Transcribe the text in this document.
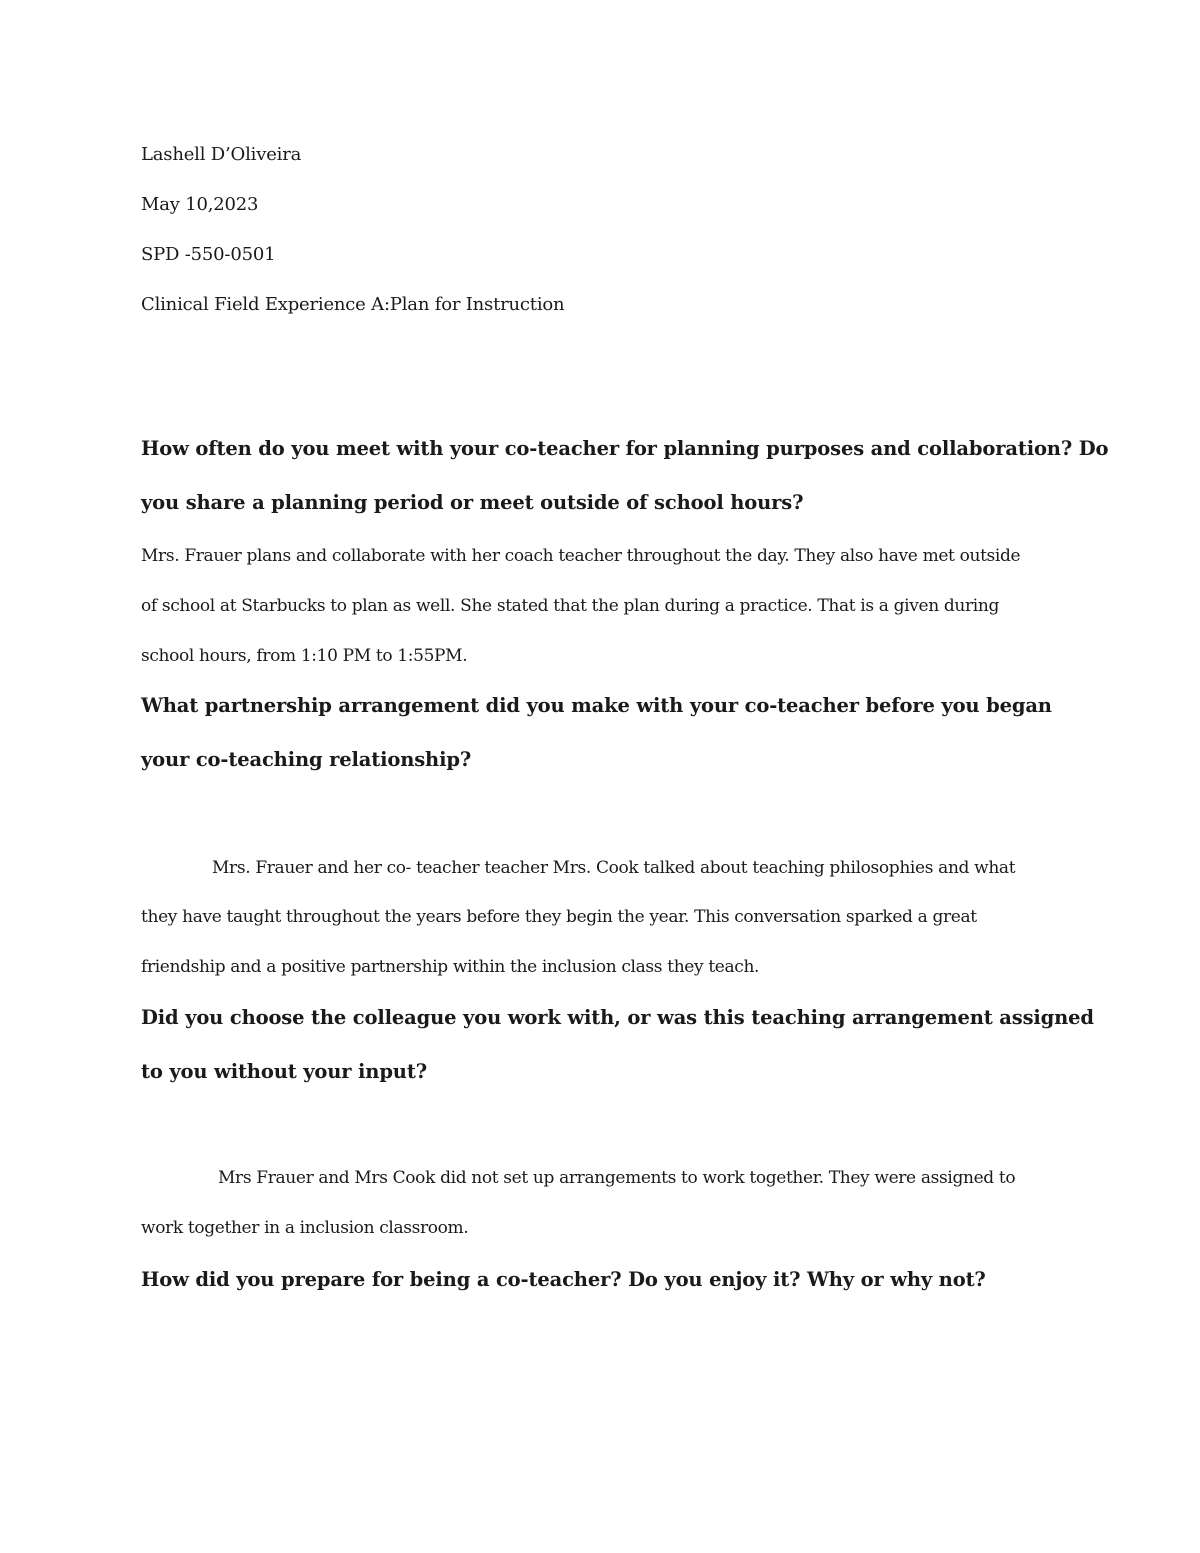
Lashell D’Oliveira
May 10,2023
SPD -550-0501
Clinical Field Experience A:Plan for Instruction
How often do you meet with your co-teacher for planning purposes and collaboration? Do
you share a planning period or meet outside of school hours?
Mrs. Frauer plans and collaborate with her coach teacher throughout the day. They also have met outside
of school at Starbucks to plan as well. She stated that the plan during a practice. That is a given during
school hours, from 1:10 PM to 1:55PM.
What partnership arrangement did you make with your co-teacher before you began
your co-teaching relationship?
Mrs. Frauer and her co- teacher teacher Mrs. Cook talked about teaching philosophies and what
they have taught throughout the years before they begin the year. This conversation sparked a great
friendship and a positive partnership within the inclusion class they teach.
Did you choose the colleague you work with, or was this teaching arrangement assigned
to you without your input?
Mrs Frauer and Mrs Cook did not set up arrangements to work together. They were assigned to
work together in a inclusion classroom.
How did you prepare for being a co-teacher? Do you enjoy it? Why or why not?
